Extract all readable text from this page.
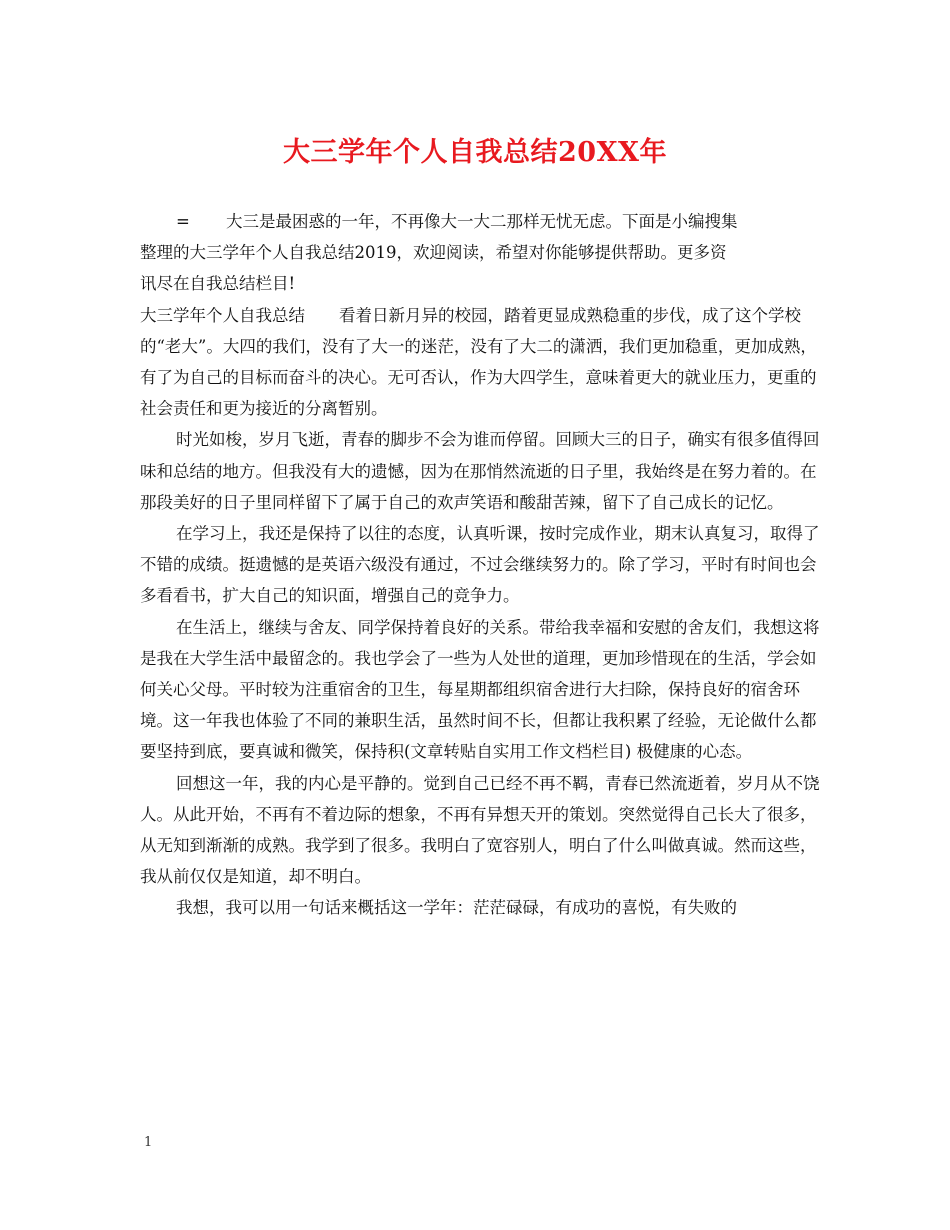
大三学年个人自我总结20XX年

= 大三是最困惑的一年，不再像大一大二那样无忧无虑。下面是小编搜集
整理的大三学年个人自我总结2019，欢迎阅读，希望对你能够提供帮助。更多资
讯尽在自我总结栏目!

大三学年个人自我总结 看着日新月异的校园，踏着更显成熟稳重的步伐，成了这个学校的“老大”。大四的我们，没有了大一的迷茫，没有了大二的潇洒，我们更加稳重，更加成熟，有了为自己的目标而奋斗的决心。无可否认，作为大四学生，意味着更大的就业压力，更重的社会责任和更为接近的分离暂别。

时光如梭，岁月飞逝，青春的脚步不会为谁而停留。回顾大三的日子，确实有很多值得回味和总结的地方。但我没有大的遗憾，因为在那悄然流逝的日子里，我始终是在努力着的。在那段美好的日子里同样留下了属于自己的欢声笑语和酸甜苦辣，留下了自己成长的记忆。

在学习上，我还是保持了以往的态度，认真听课，按时完成作业，期末认真复习，取得了不错的成绩。挺遗憾的是英语六级没有通过，不过会继续努力的。除了学习，平时有时间也会多看看书，扩大自己的知识面，增强自己的竞争力。

在生活上，继续与舍友、同学保持着良好的关系。带给我幸福和安慰的舍友们，我想这将是我在大学生活中最留念的。我也学会了一些为人处世的道理，更加珍惜现在的生活，学会如何关心父母。平时较为注重宿舍的卫生，每星期都组织宿舍进行大扫除，保持良好的宿舍环境。这一年我也体验了不同的兼职生活，虽然时间不长，但都让我积累了经验，无论做什么都要坚持到底，要真诚和微笑，保持积(文章转贴自实用工作文档栏目) 极健康的心态。

回想这一年，我的内心是平静的。觉到自己已经不再不羁，青春已然流逝着，岁月从不饶人。从此开始，不再有不着边际的想象，不再有异想天开的策划。突然觉得自己长大了很多，从无知到渐渐的成熟。我学到了很多。我明白了宽容别人，明白了什么叫做真诚。然而这些，我从前仅仅是知道，却不明白。

我想，我可以用一句话来概括这一学年：茫茫碌碌，有成功的喜悦，有失败的

1
